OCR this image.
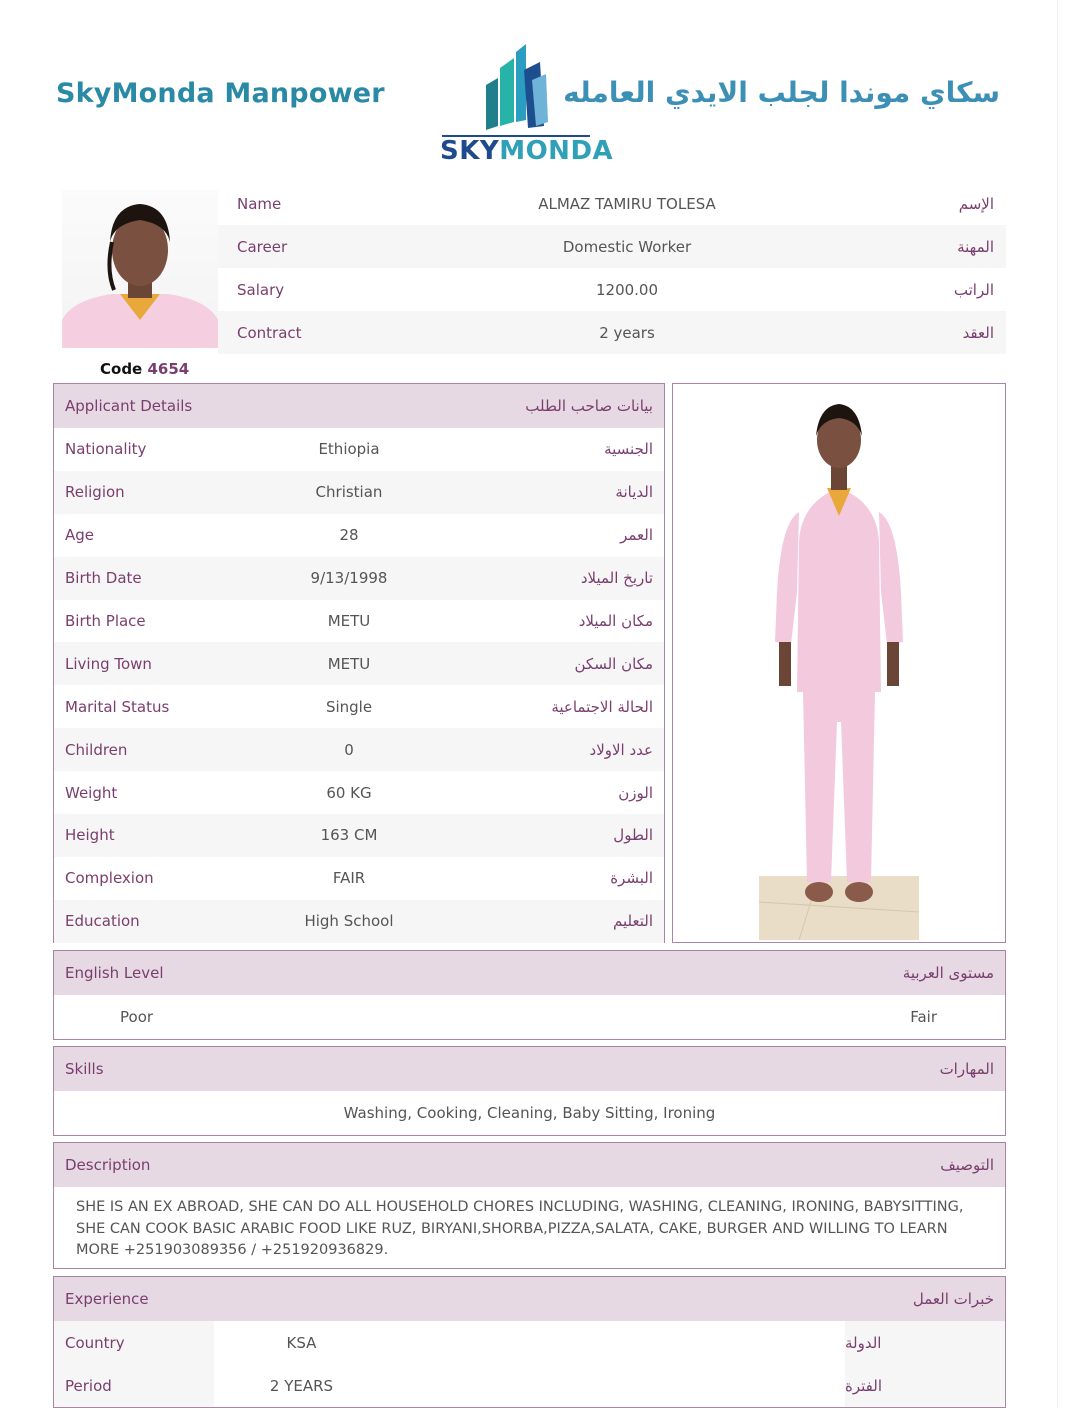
SkyMonda Manpower
SKYMONDA
سكاي موندا لجلب الايدي العامله
Code 4654
Name	ALMAZ TAMIRU TOLESA	الإسم
Career	Domestic Worker	المهنة
Salary	1200.00	الراتب
Contract	2 years	العقد
Applicant Details	بيانات صاحب الطلب
Nationality	Ethiopia	الجنسية
Religion	Christian	الديانة
Age	28	العمر
Birth Date	9/13/1998	تاريخ الميلاد
Birth Place	METU	مكان الميلاد
Living Town	METU	مكان السكن
Marital Status	Single	الحالة الاجتماعية
Children	0	عدد الاولاد
Weight	60 KG	الوزن
Height	163 CM	الطول
Complexion	FAIR	البشرة
Education	High School	التعليم
English Level	مستوى العربية
Poor	Fair
Skills	المهارات
Washing, Cooking, Cleaning, Baby Sitting, Ironing
Description	التوصيف
SHE IS AN EX ABROAD, SHE CAN DO ALL HOUSEHOLD CHORES INCLUDING, WASHING, CLEANING, IRONING, BABYSITTING, SHE CAN COOK BASIC ARABIC FOOD LIKE RUZ, BIRYANI,SHORBA,PIZZA,SALATA, CAKE, BURGER AND WILLING TO LEARN MORE +251903089356 / +251920936829.
Experience	خبرات العمل
Country	KSA	الدولة
Period	2 YEARS	الفترة
